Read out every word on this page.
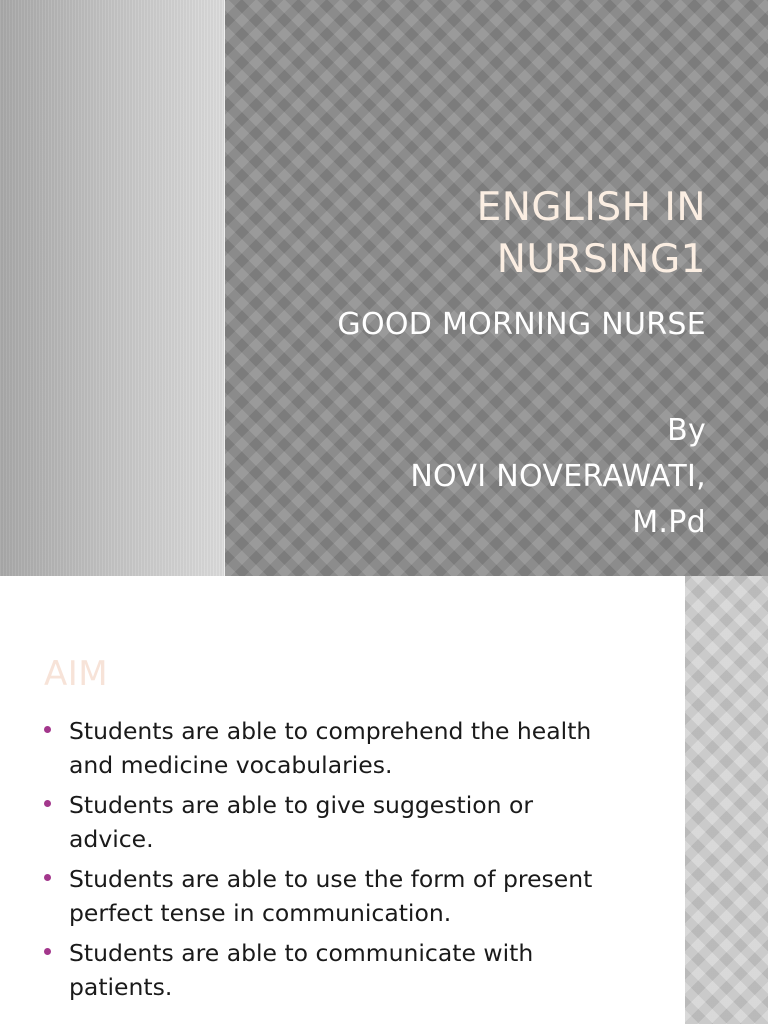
ENGLISH IN
NURSING1
GOOD MORNING NURSE
By
NOVI NOVERAWATI,
M.Pd
AIM
Students are able to comprehend the health
and medicine vocabularies.
Students are able to give suggestion or
advice.
Students are able to use the form of present
perfect tense in communication.
Students are able to communicate with
patients.
